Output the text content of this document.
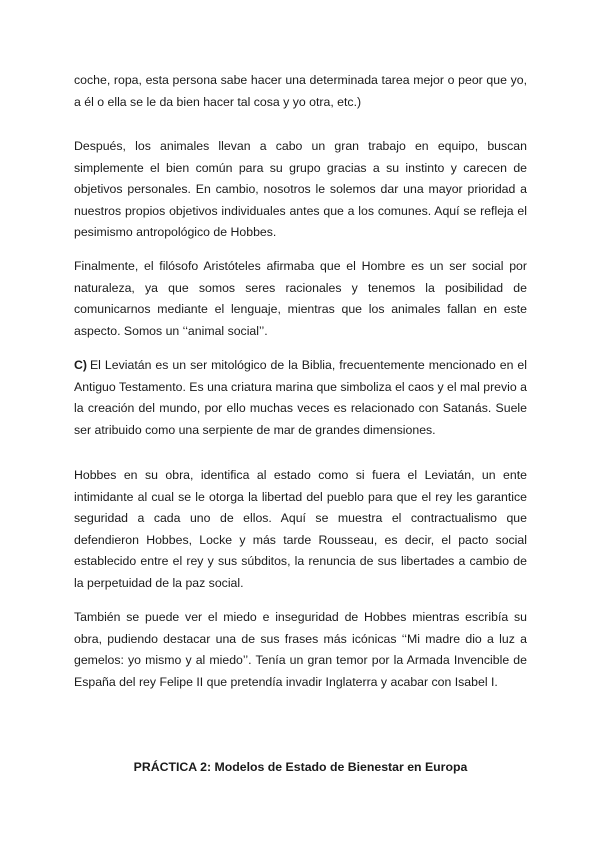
coche, ropa, esta persona sabe hacer una determinada tarea mejor o peor que yo, a él o ella se le da bien hacer tal cosa y yo otra, etc.)

Después, los animales llevan a cabo un gran trabajo en equipo, buscan simplemente el bien común para su grupo gracias a su instinto y carecen de objetivos personales. En cambio, nosotros le solemos dar una mayor prioridad a nuestros propios objetivos individuales antes que a los comunes. Aquí se refleja el pesimismo antropológico de Hobbes.

Finalmente, el filósofo Aristóteles afirmaba que el Hombre es un ser social por naturaleza, ya que somos seres racionales y tenemos la posibilidad de comunicarnos mediante el lenguaje, mientras que los animales fallan en este aspecto. Somos un ‘‘animal social’’.

C) El Leviatán es un ser mitológico de la Biblia, frecuentemente mencionado en el Antiguo Testamento. Es una criatura marina que simboliza el caos y el mal previo a la creación del mundo, por ello muchas veces es relacionado con Satanás. Suele ser atribuido como una serpiente de mar de grandes dimensiones.

Hobbes en su obra, identifica al estado como si fuera el Leviatán, un ente intimidante al cual se le otorga la libertad del pueblo para que el rey les garantice seguridad a cada uno de ellos. Aquí se muestra el contractualismo que defendieron Hobbes, Locke y más tarde Rousseau, es decir, el pacto social establecido entre el rey y sus súbditos, la renuncia de sus libertades a cambio de la perpetuidad de la paz social.

También se puede ver el miedo e inseguridad de Hobbes mientras escribía su obra, pudiendo destacar una de sus frases más icónicas ‘‘Mi madre dio a luz a gemelos: yo mismo y al miedo’’. Tenía un gran temor por la Armada Invencible de España del rey Felipe II que pretendía invadir Inglaterra y acabar con Isabel I.

PRÁCTICA 2: Modelos de Estado de Bienestar en Europa
